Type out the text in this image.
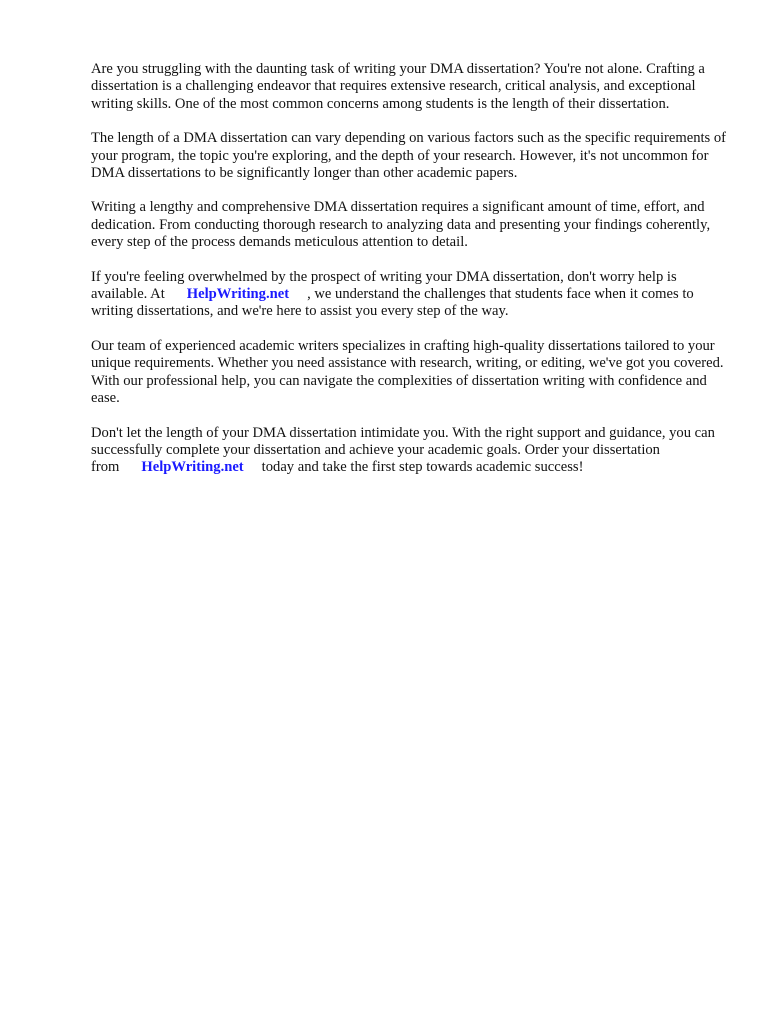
Are you struggling with the daunting task of writing your DMA dissertation? You're not alone. Crafting a dissertation is a challenging endeavor that requires extensive research, critical analysis, and exceptional writing skills. One of the most common concerns among students is the length of their dissertation.

The length of a DMA dissertation can vary depending on various factors such as the specific requirements of your program, the topic you're exploring, and the depth of your research. However, it's not uncommon for DMA dissertations to be significantly longer than other academic papers.

Writing a lengthy and comprehensive DMA dissertation requires a significant amount of time, effort, and dedication. From conducting thorough research to analyzing data and presenting your findings coherently, every step of the process demands meticulous attention to detail.

If you're feeling overwhelmed by the prospect of writing your DMA dissertation, don't worry help is available. At HelpWriting.net , we understand the challenges that students face when it comes to writing dissertations, and we're here to assist you every step of the way.

Our team of experienced academic writers specializes in crafting high-quality dissertations tailored to your unique requirements. Whether you need assistance with research, writing, or editing, we've got you covered. With our professional help, you can navigate the complexities of dissertation writing with confidence and ease.

Don't let the length of your DMA dissertation intimidate you. With the right support and guidance, you can successfully complete your dissertation and achieve your academic goals. Order your dissertation from HelpWriting.net today and take the first step towards academic success!
